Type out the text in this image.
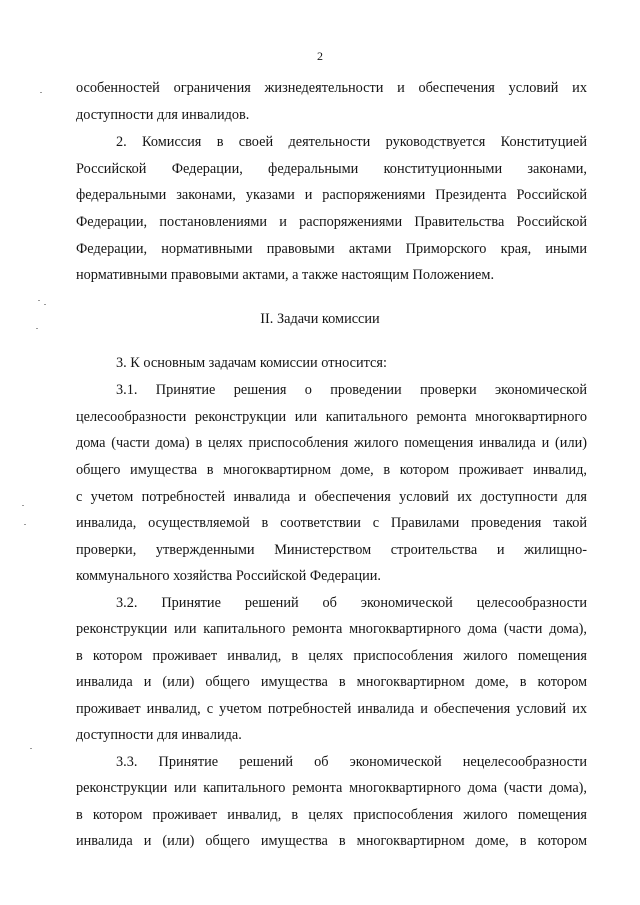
2
особенностей ограничения жизнедеятельности и обеспечения условий их
доступности для инвалидов.
2. Комиссия в своей деятельности руководствуется Конституцией
Российской Федерации, федеральными конституционными законами,
федеральными законами, указами и распоряжениями Президента Российской
Федерации, постановлениями и распоряжениями Правительства Российской
Федерации, нормативными правовыми актами Приморского края, иными
нормативными правовыми актами, а также настоящим Положением.
II. Задачи комиссии
3. К основным задачам комиссии относится:
3.1. Принятие решения о проведении проверки экономической
целесообразности реконструкции или капитального ремонта многоквартирного
дома (части дома) в целях приспособления жилого помещения инвалида и (или)
общего имущества в многоквартирном доме, в котором проживает инвалид,
с учетом потребностей инвалида и обеспечения условий их доступности для
инвалида, осуществляемой в соответствии с Правилами проведения такой
проверки, утвержденными Министерством строительства и жилищно-
коммунального хозяйства Российской Федерации.
3.2. Принятие решений об экономической целесообразности
реконструкции или капитального ремонта многоквартирного дома (части дома),
в котором проживает инвалид, в целях приспособления жилого помещения
инвалида и (или) общего имущества в многоквартирном доме, в котором
проживает инвалид, с учетом потребностей инвалида и обеспечения условий их
доступности для инвалида.
3.3. Принятие решений об экономической нецелесообразности
реконструкции или капитального ремонта многоквартирного дома (части дома),
в котором проживает инвалид, в целях приспособления жилого помещения
инвалида и (или) общего имущества в многоквартирном доме, в котором
